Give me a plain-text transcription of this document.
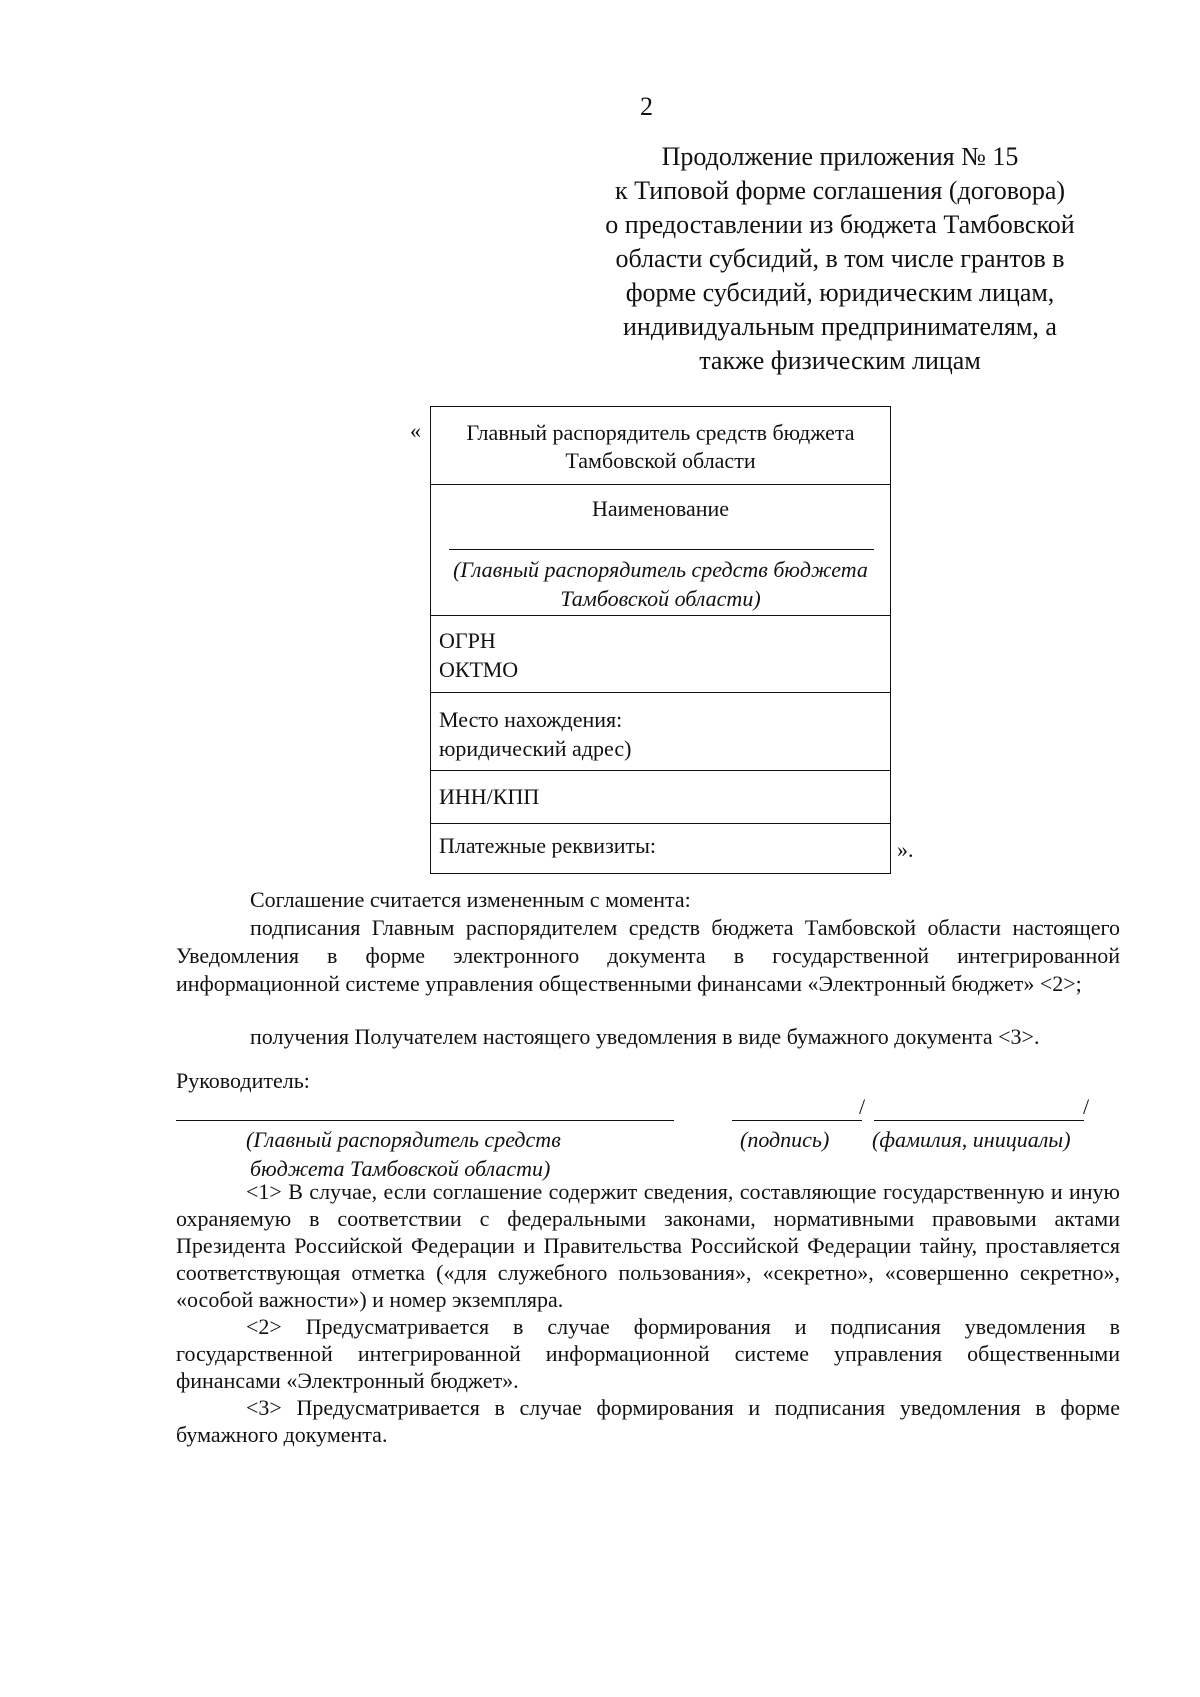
2
Продолжение приложения № 15
к Типовой форме соглашения (договора)
о предоставлении из бюджета Тамбовской
области субсидий, в том числе грантов в
форме субсидий, юридическим лицам,
индивидуальным предпринимателям, а
также физическим лицам
«	Главный распорядитель средств бюджета Тамбовской области
Наименование
(Главный распорядитель средств бюджета Тамбовской области)
ОГРН
ОКТМО
Место нахождения:
юридический адрес)
ИНН/КПП
Платежные реквизиты:	».
Соглашение считается измененным с момента:
подписания Главным распорядителем средств бюджета Тамбовской области настоящего Уведомления в форме электронного документа в государственной интегрированной информационной системе управления общественными финансами «Электронный бюджет» <2>;
получения Получателем настоящего уведомления в виде бумажного документа <3>.
Руководитель:
/	/
(Главный распорядитель средств
бюджета Тамбовской области)
(подпись) (фамилия, инициалы)

<1> В случае, если соглашение содержит сведения, составляющие государственную и иную охраняемую в соответствии с федеральными законами, нормативными правовыми актами Президента Российской Федерации и Правительства Российской Федерации тайну, проставляется соответствующая отметка («для служебного пользования», «секретно», «совершенно секретно», «особой важности») и номер экземпляра.

<2> Предусматривается в случае формирования и подписания уведомления в государственной интегрированной информационной системе управления общественными финансами «Электронный бюджет».

<3> Предусматривается в случае формирования и подписания уведомления в форме бумажного документа.
